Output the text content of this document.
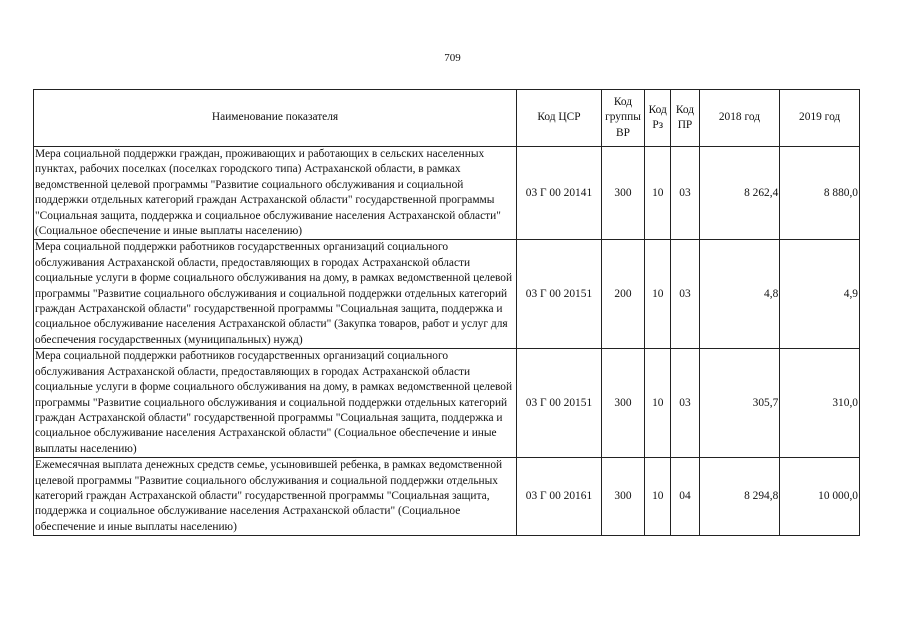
709
Наименование показателя	Код ЦСР	Код группы ВР	Код Рз	Код ПР	2018 год	2019 год
Мера социальной поддержки граждан, проживающих и работающих в сельских населенных пунктах, рабочих поселках (поселках городского типа) Астраханской области, в рамках ведомственной целевой программы "Развитие социального обслуживания и социальной поддержки отдельных категорий граждан Астраханской области" государственной программы "Социальная защита, поддержка и социальное обслуживание населения Астраханской области" (Социальное обеспечение и иные выплаты населению)	03 Г 00 20141	300	10	03	8 262,4	8 880,0
Мера социальной поддержки работников государственных организаций социального обслуживания Астраханской области, предоставляющих в городах Астраханской области социальные услуги в форме социального обслуживания на дому, в рамках ведомственной целевой программы "Развитие социального обслуживания и социальной поддержки отдельных категорий граждан Астраханской области" государственной программы "Социальная защита, поддержка и социальное обслуживание населения Астраханской области" (Закупка товаров, работ и услуг для обеспечения государственных (муниципальных) нужд)	03 Г 00 20151	200	10	03	4,8	4,9
Мера социальной поддержки работников государственных организаций социального обслуживания Астраханской области, предоставляющих в городах Астраханской области социальные услуги в форме социального обслуживания на дому, в рамках ведомственной целевой программы "Развитие социального обслуживания и социальной поддержки отдельных категорий граждан Астраханской области" государственной программы "Социальная защита, поддержка и социальное обслуживание населения Астраханской области" (Социальное обеспечение и иные выплаты населению)	03 Г 00 20151	300	10	03	305,7	310,0
Ежемесячная выплата денежных средств семье, усыновившей ребенка, в рамках ведомственной целевой программы "Развитие социального обслуживания и социальной поддержки отдельных категорий граждан Астраханской области" государственной программы "Социальная защита, поддержка и социальное обслуживание населения Астраханской области" (Социальное обеспечение и иные выплаты населению)	03 Г 00 20161	300	10	04	8 294,8	10 000,0
